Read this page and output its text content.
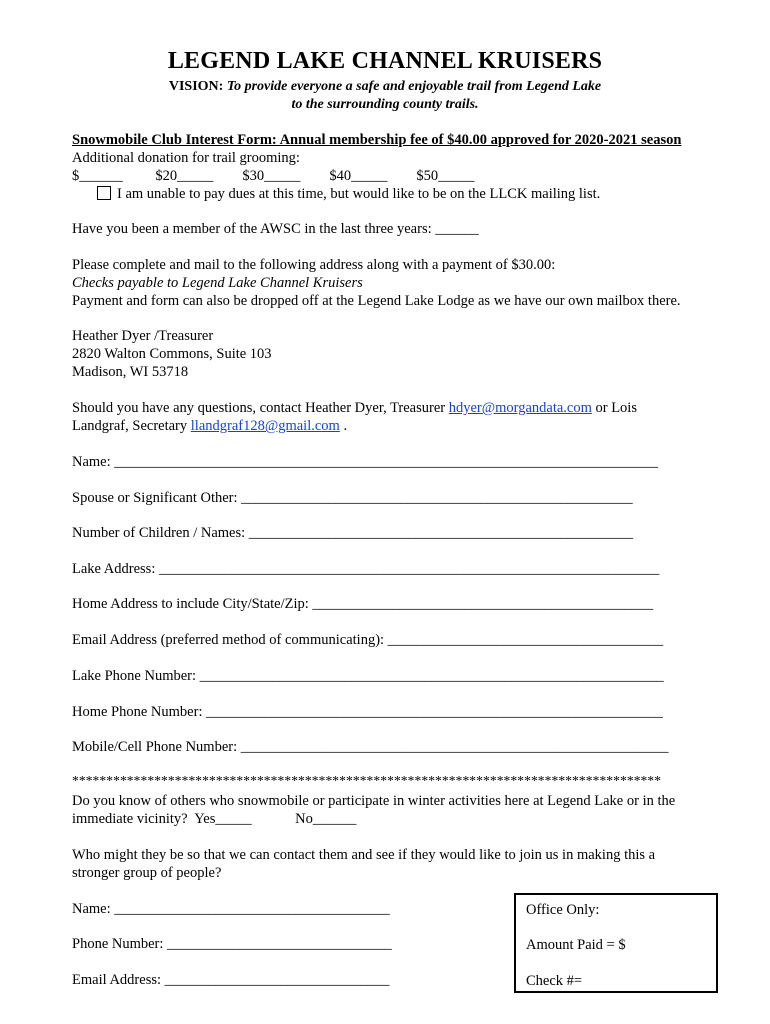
LEGEND LAKE CHANNEL KRUISERS
VISION: To provide everyone a safe and enjoyable trail from Legend Lake
to the surrounding county trails.
Snowmobile Club Interest Form: Annual membership fee of $40.00 approved for 2020-2021 season
Additional donation for trail grooming:
$______         $20_____        $30_____        $40_____        $50_____
I am unable to pay dues at this time, but would like to be on the LLCK mailing list.
Have you been a member of the AWSC in the last three years: ______
Please complete and mail to the following address along with a payment of $30.00:
Checks payable to Legend Lake Channel Kruisers
Payment and form can also be dropped off at the Legend Lake Lodge as we have our own mailbox there.
Heather Dyer /Treasurer
2820 Walton Commons, Suite 103
Madison, WI 53718
Should you have any questions, contact Heather Dyer, Treasurer hdyer@morgandata.com or Lois
Landgraf, Secretary llandgraf128@gmail.com .
Name: ___________________________________________________________________________
Spouse or Significant Other: ______________________________________________________
Number of Children / Names: _____________________________________________________
Lake Address: _____________________________________________________________________
Home Address to include City/State/Zip: _______________________________________________
Email Address (preferred method of communicating): ______________________________________
Lake Phone Number: ________________________________________________________________
Home Phone Number: _______________________________________________________________
Mobile/Cell Phone Number: ___________________________________________________________
**************************************************************************************
Do you know of others who snowmobile or participate in winter activities here at Legend Lake or in the
immediate vicinity?  Yes_____            No______
Who might they be so that we can contact them and see if they would like to join us in making this a
stronger group of people?
Name: ______________________________________
Phone Number: _______________________________
Email Address: _______________________________
Office Only:
Amount Paid = $
Check #=
